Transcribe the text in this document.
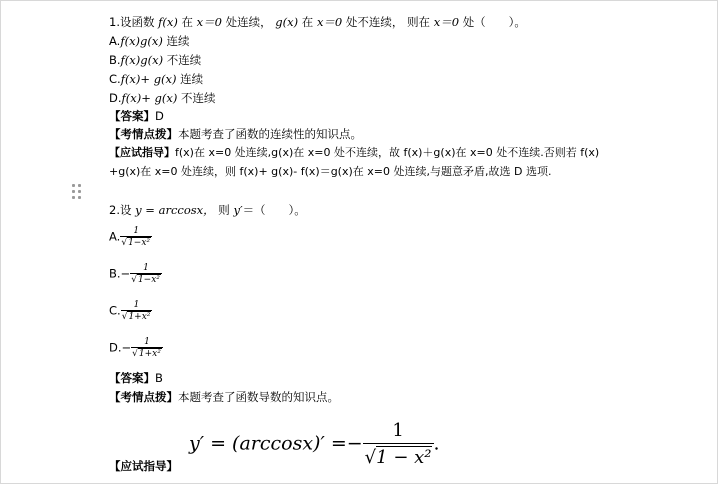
1.设函数 f(x) 在 x＝0 处连续， g(x) 在 x＝0 处不连续， 则在 x＝0 处（　　）。
A.f(x)g(x) 连续
B.f(x)g(x) 不连续
C.f(x)+ g(x) 连续
D.f(x)+ g(x) 不连续
【答案】D
【考情点拨】本题考查了函数的连续性的知识点。
【应试指导】f(x)在 x=0 处连续,g(x)在 x=0 处不连续，故 f(x)＋g(x)在 x=0 处不连续.否则若 f(x)
+g(x)在 x=0 处连续，则 f(x)+ g(x)- f(x)＝g(x)在 x=0 处连续,与题意矛盾,故选 D 选项.
2.设 y = arccosx， 则 y′＝（　　）。
A. $\frac{1}{\text{√1−x²}}$
$B.- \frac{1}{\text{√1−x²}}$
C. $\frac{1}{\text{√1+x²}}$
$D.- \frac{1}{\text{√1+x²}}$
【答案】B
【考情点拨】本题考查了函数导数的知识点。
$y' = (\arccos x)' =- \frac{1}{\text{√1 − x²}}$ .
【应试指导】
